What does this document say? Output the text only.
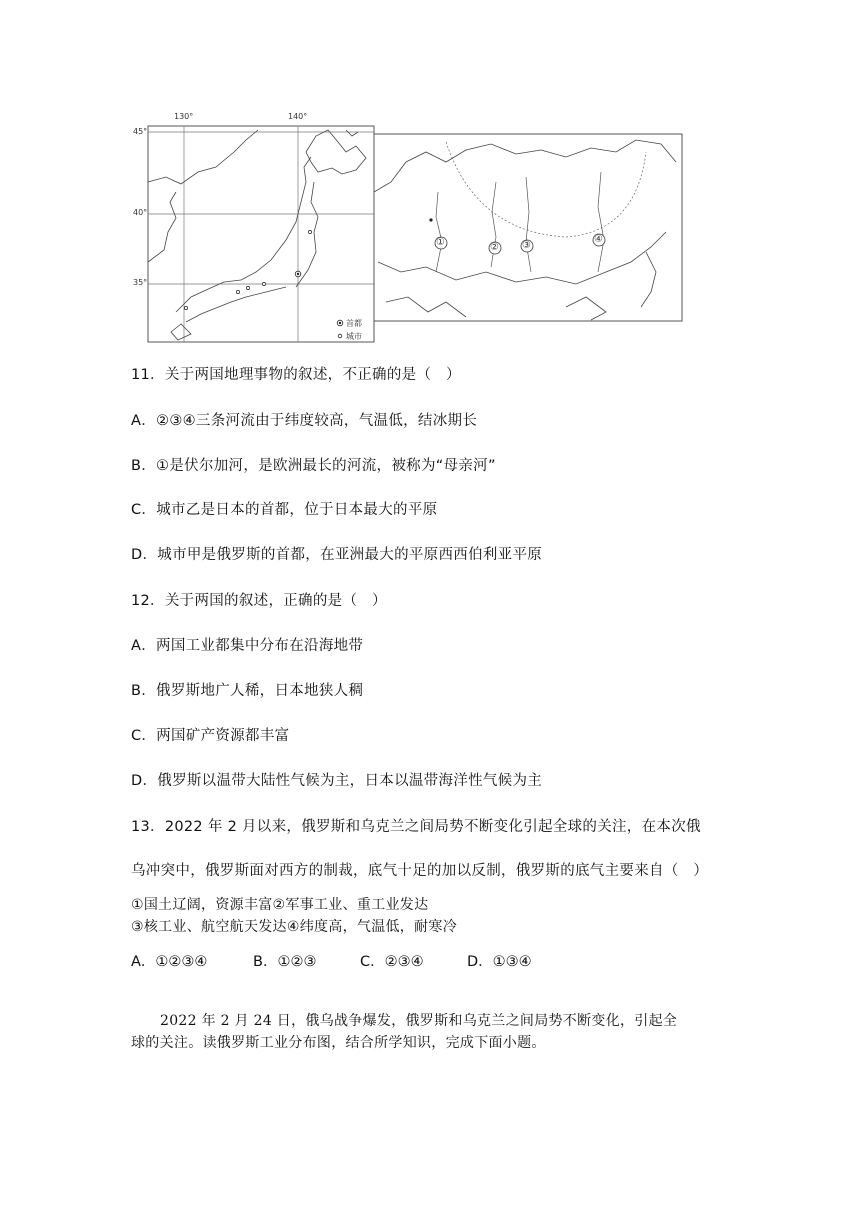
130°	140°
45°
40°
35°
首都
城市
①	② ③
④
11．关于两国地理事物的叙述，不正确的是（　）
A．②③④三条河流由于纬度较高，气温低，结冰期长
B．①是伏尔加河，是欧洲最长的河流，被称为“母亲河”
C．城市乙是日本的首都，位于日本最大的平原
D．城市甲是俄罗斯的首都，在亚洲最大的平原西西伯利亚平原
12．关于两国的叙述，正确的是（　）
A．两国工业都集中分布在沿海地带
B．俄罗斯地广人稀，日本地狭人稠
C．两国矿产资源都丰富
D．俄罗斯以温带大陆性气候为主，日本以温带海洋性气候为主
13．2022 年 2 月以来，俄罗斯和乌克兰之间局势不断变化引起全球的关注，在本次俄
乌冲突中，俄罗斯面对西方的制裁，底气十足的加以反制，俄罗斯的底气主要来自（　）
①国土辽阔，资源丰富②军事工业、重工业发达
③核工业、航空航天发达④纬度高，气温低，耐寒冷
A．①②③④	B．①②③	C．②③④	D．①③④
2022 年 2 月 24 日，俄乌战争爆发，俄罗斯和乌克兰之间局势不断变化，引起全
球的关注。读俄罗斯工业分布图，结合所学知识，完成下面小题。
